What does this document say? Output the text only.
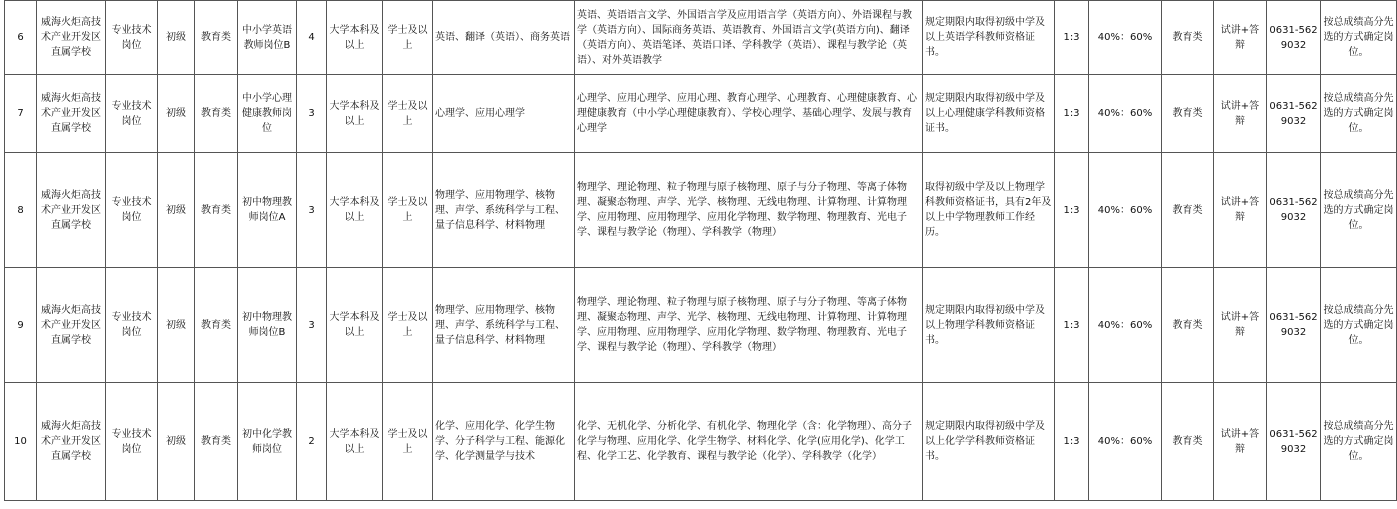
6	威海火炬高技术产业开发区直属学校	专业技术岗位	初级	教育类	中小学英语教师岗位B	4	大学本科及以上	学士及以上	英语、翻译（英语）、商务英语	英语、英语语言文学、外国语言学及应用语言学（英语方向）、外语课程与教学（英语方向）、国际商务英语、英语教育、外国语言文学(英语方向)、翻译（英语方向）、英语笔译、英语口译、学科教学（英语）、课程与教学论（英语）、对外英语教学	规定期限内取得初级中学及以上英语学科教师资格证书。	1:3	40%：60%	教育类	试讲+答辩	0631-5629032	按总成绩高分先选的方式确定岗位。
7	威海火炬高技术产业开发区直属学校	专业技术岗位	初级	教育类	中小学心理健康教师岗位	3	大学本科及以上	学士及以上	心理学、应用心理学	心理学、应用心理学、应用心理、教育心理学、心理教育、心理健康教育、心理健康教育（中小学心理健康教育）、学校心理学、基础心理学、发展与教育心理学	规定期限内取得初级中学及以上心理健康学科教师资格证书。	1:3	40%：60%	教育类	试讲+答辩	0631-5629032	按总成绩高分先选的方式确定岗位。
8	威海火炬高技术产业开发区直属学校	专业技术岗位	初级	教育类	初中物理教师岗位A	3	大学本科及以上	学士及以上	物理学、应用物理学、核物理、声学、系统科学与工程、量子信息科学、材料物理	物理学、理论物理、粒子物理与原子核物理、原子与分子物理、等离子体物理、凝聚态物理、声学、光学、核物理、无线电物理、计算物理、计算物理学、应用物理、应用物理学、应用化学物理、数学物理、物理教育、光电子学、课程与教学论（物理）、学科教学（物理）	取得初级中学及以上物理学科教师资格证书，具有2年及以上中学物理教师工作经历。	1:3	40%：60%	教育类	试讲+答辩	0631-5629032	按总成绩高分先选的方式确定岗位。
9	威海火炬高技术产业开发区直属学校	专业技术岗位	初级	教育类	初中物理教师岗位B	3	大学本科及以上	学士及以上	物理学、应用物理学、核物理、声学、系统科学与工程、量子信息科学、材料物理	物理学、理论物理、粒子物理与原子核物理、原子与分子物理、等离子体物理、凝聚态物理、声学、光学、核物理、无线电物理、计算物理、计算物理学、应用物理、应用物理学、应用化学物理、数学物理、物理教育、光电子学、课程与教学论（物理）、学科教学（物理）	规定期限内取得初级中学及以上物理学科教师资格证书。	1:3	40%：60%	教育类	试讲+答辩	0631-5629032	按总成绩高分先选的方式确定岗位。
10	威海火炬高技术产业开发区直属学校	专业技术岗位	初级	教育类	初中化学教师岗位	2	大学本科及以上	学士及以上	化学、应用化学、化学生物学、分子科学与工程、能源化学、化学测量学与技术	化学、无机化学、分析化学、有机化学、物理化学（含：化学物理）、高分子化学与物理、应用化学、化学生物学、材料化学、化学(应用化学)、化学工程、化学工艺、化学教育、课程与教学论（化学）、学科教学（化学）	规定期限内取得初级中学及以上化学学科教师资格证书。	1:3	40%：60%	教育类	试讲+答辩	0631-5629032	按总成绩高分先选的方式确定岗位。
